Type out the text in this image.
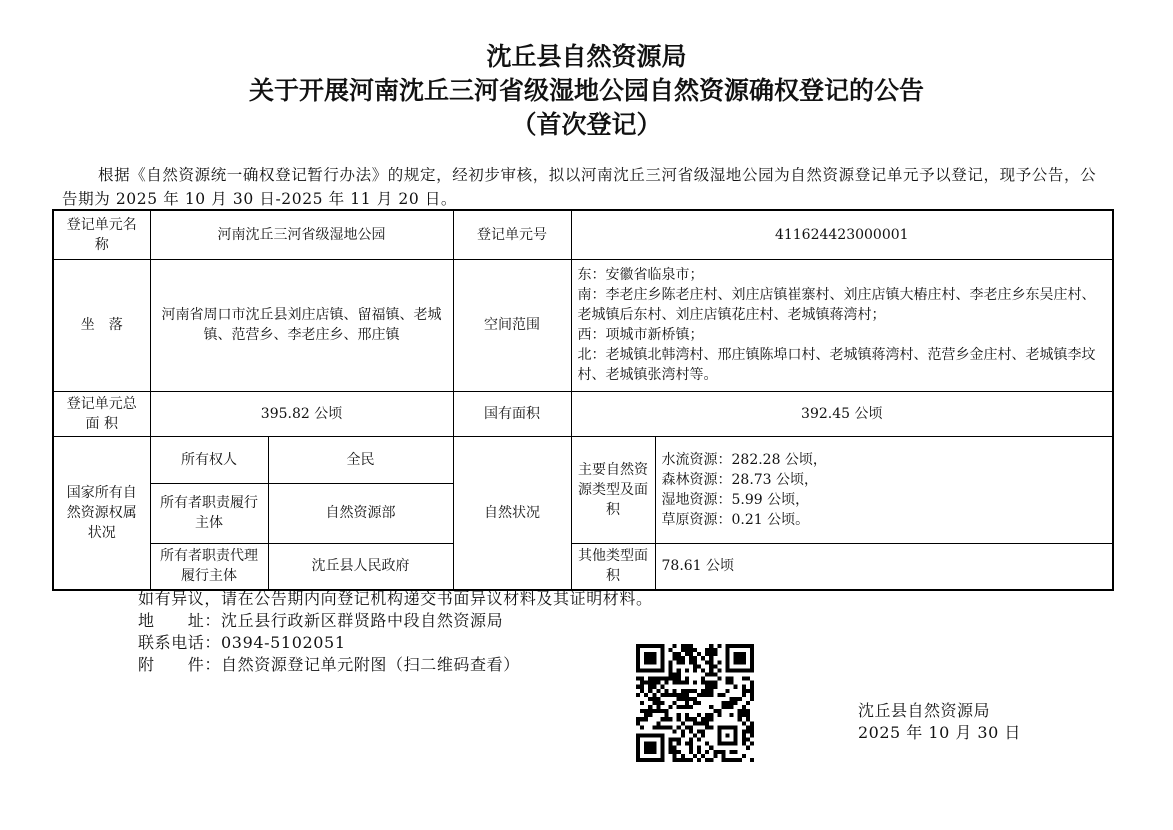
沈丘县自然资源局
关于开展河南沈丘三河省级湿地公园自然资源确权登记的公告
（首次登记）
根据《自然资源统一确权登记暂行办法》的规定，经初步审核，拟以河南沈丘三河省级湿地公园为自然资源登记单元予以登记，现予公告，公告期为 2025 年 10 月 30 日-2025 年 11 月 20 日。
登记单元名　　称	河南沈丘三河省级湿地公园		登记单元号	411624423000001	
坐　落	河南省周口市沈丘县刘庄店镇、留福镇、老城镇、范营乡、李老庄乡、邢庄镇		空间范围	东：安徽省临泉市；
南：李老庄乡陈老庄村、刘庄店镇崔寨村、刘庄店镇大樁庄村、李老庄乡东吴庄村、老城镇后东村、刘庄店镇花庄村、老城镇蒋湾村；
西：项城市新桥镇；
北：老城镇北韩湾村、邢庄镇陈埠口村、老城镇蒋湾村、范营乡金庄村、老城镇李坟村、老城镇张湾村等。	

登记单元总 面 积	395.82 公顷		国有面积	392.45 公顷	
国家所有自然资源权属状况	所有权人	全民	自然状况	主要自然资源类型及面积	水流资源：282.28 公顷，
森林资源：28.73 公顷，
湿地资源：5.99 公顷，
草原资源：0.21 公顷。

	所有者职责履行主体	自然资源部			
	所有者职责代理履行主体	沈丘县人民政府		其他类型面　积	78.61 公顷
如有异议，请在公告期内向登记机构递交书面异议材料及其证明材料。
地　　址：沈丘县行政新区群贤路中段自然资源局
联系电话：0394-5102051
附　　件：自然资源登记单元附图（扫二维码查看）
沈丘县自然资源局
2025 年 10 月 30 日
